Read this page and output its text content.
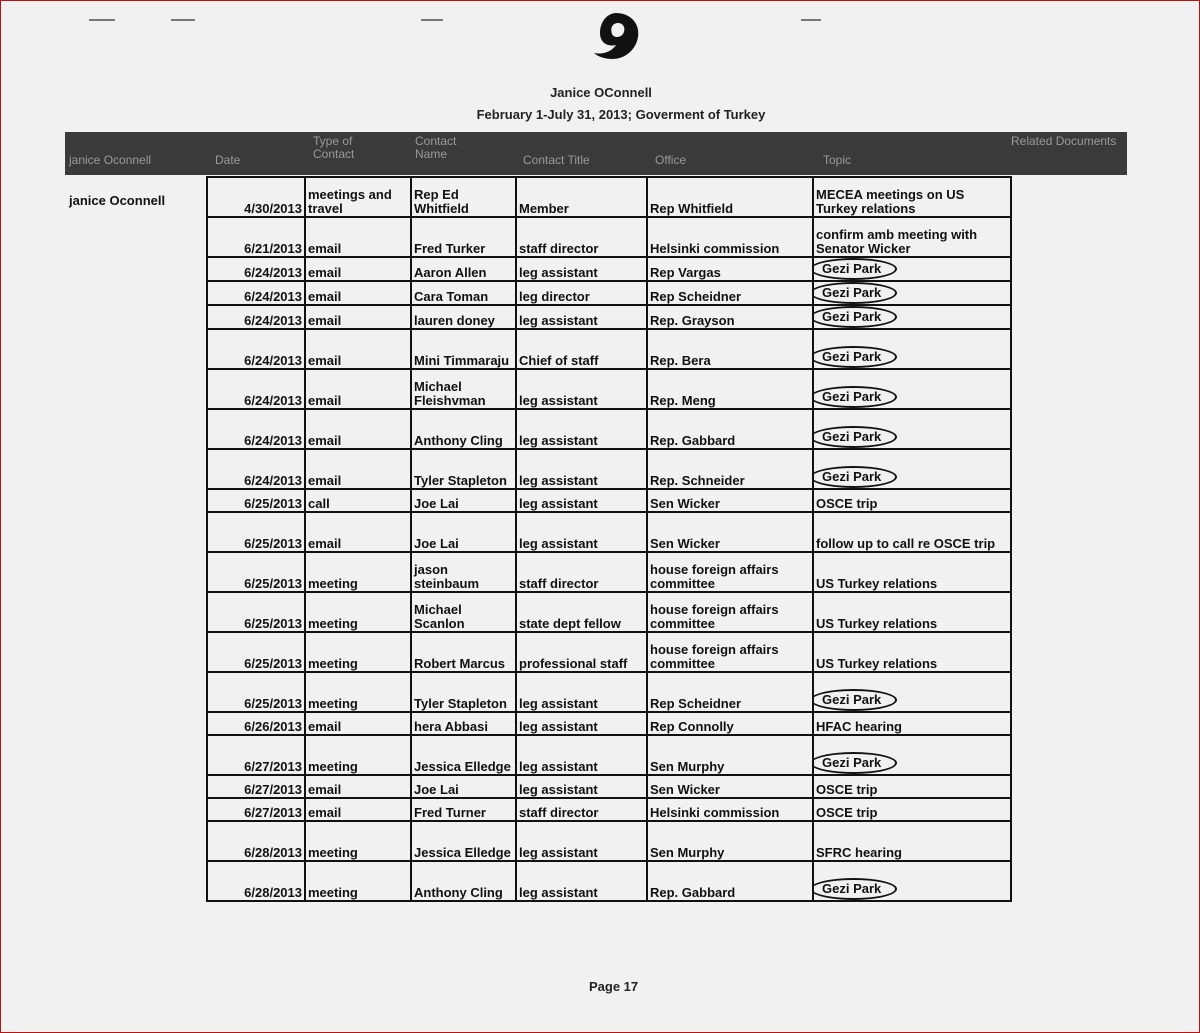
Janice OConnell
February 1-July 31, 2013; Goverment of Turkey
janice Oconnell	Date
Type of Contact
Contact Name	Contact Title	Office	Topic
Related Documents
janice Oconnell
4/30/2013	meetings and travel	Rep Ed Whitfield	Member	Rep Whitfield	MECEA meetings on US Turkey relations
6/21/2013	email	Fred Turker	staff director	Helsinki commission	confirm amb meeting with Senator Wicker
6/24/2013	email	Aaron Allen	leg assistant	Rep Vargas	Gezi Park
6/24/2013	email	Cara Toman	leg director	Rep Scheidner	Gezi Park
6/24/2013	email	lauren doney	leg assistant	Rep. Grayson	Gezi Park
6/24/2013	email	Mini Timmaraju	Chief of staff	Rep. Bera	Gezi Park
6/24/2013	email	Michael Fleishvman	leg assistant	Rep. Meng	Gezi Park
6/24/2013	email	Anthony Cling	leg assistant	Rep. Gabbard	Gezi Park
6/24/2013	email	Tyler Stapleton	leg assistant	Rep. Schneider	Gezi Park
6/25/2013	call	Joe Lai	leg assistant	Sen Wicker	OSCE trip
6/25/2013	email	Joe Lai	leg assistant	Sen Wicker	follow up to call re OSCE trip
6/25/2013	meeting	jason steinbaum	staff director	house foreign affairs committee	US Turkey relations
6/25/2013	meeting	Michael Scanlon	state dept fellow	house foreign affairs committee	US Turkey relations
6/25/2013	meeting	Robert Marcus	professional staff	house foreign affairs committee	US Turkey relations
6/25/2013	meeting	Tyler Stapleton	leg assistant	Rep Scheidner	Gezi Park
6/26/2013	email	hera Abbasi	leg assistant	Rep Connolly	HFAC hearing
6/27/2013	meeting	Jessica Elledge	leg assistant	Sen Murphy	Gezi Park
6/27/2013	email	Joe Lai	leg assistant	Sen Wicker	OSCE trip
6/27/2013	email	Fred Turner	staff director	Helsinki commission	OSCE trip
6/28/2013	meeting	Jessica Elledge	leg assistant	Sen Murphy	SFRC hearing
6/28/2013	meeting	Anthony Cling	leg assistant	Rep. Gabbard	Gezi Park
Page 17
